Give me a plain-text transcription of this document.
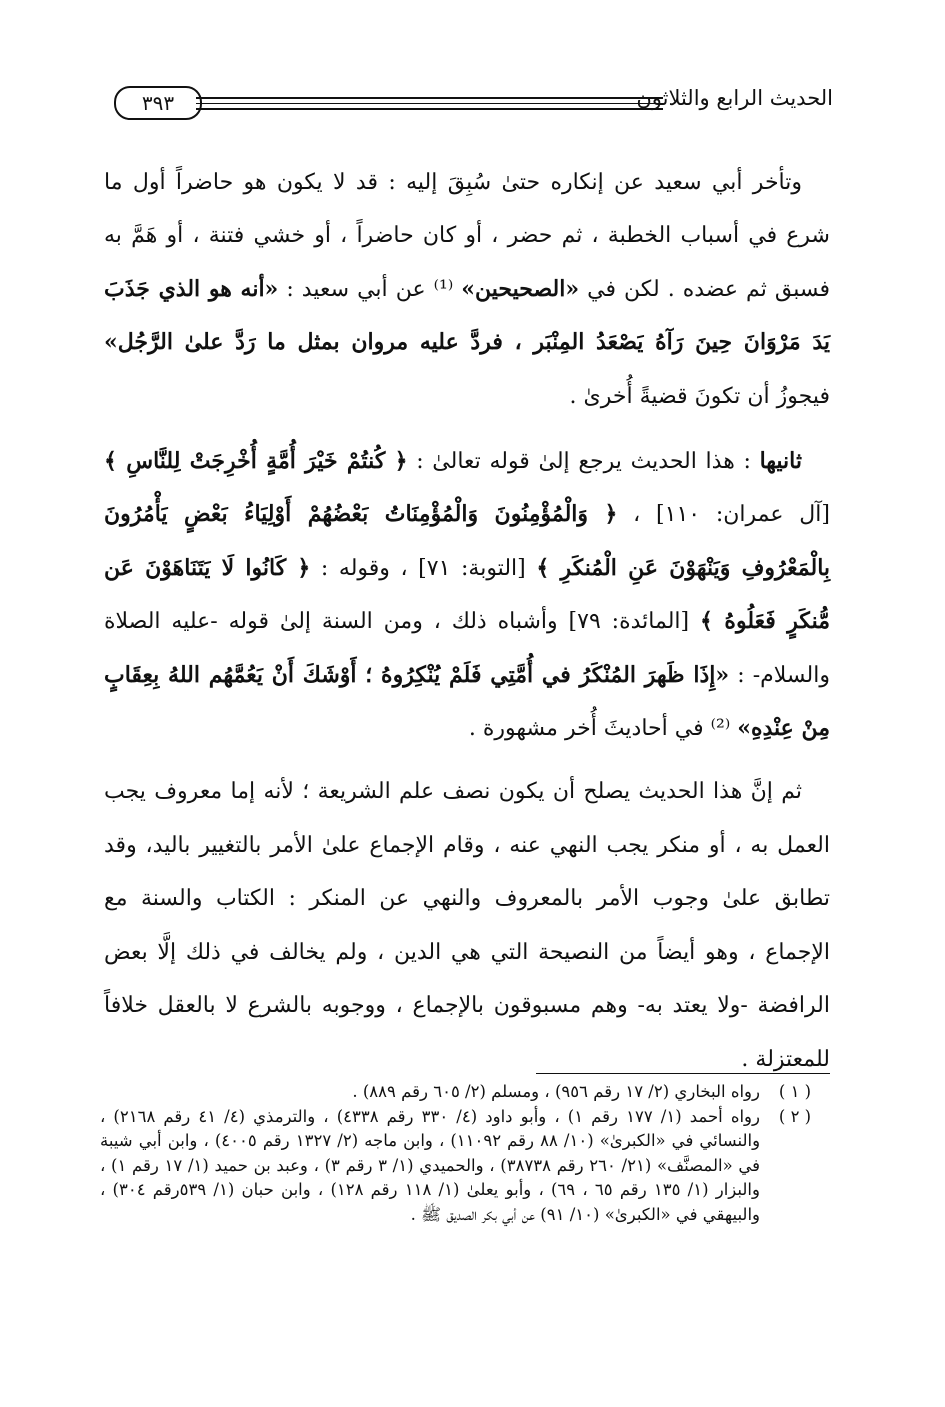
٣٩٣	الحديث الرابع والثلاثون

وتأخر أبي سعيد عن إنكاره حتىٰ سُبِقَ إليه : قد لا يكون هو حاضراً أول ما شرع في أسباب الخطبة ، ثم حضر ، أو كان حاضراً ، أو خشي فتنة ، أو هَمَّ به فسبق ثم عضده . لكن في «الصحيحين» ⁽¹⁾ عن أبي سعيد : «أنه هو الذي جَذَبَ يَدَ مَرْوَانَ حِينَ رَآهُ يَصْعَدُ المِنْبَر ، فردَّ عليه مروان بمثل ما رَدَّ علىٰ الرَّجُل» فيجوزُ أن تكونَ قضيةً أُخرىٰ .

ثانيها : هذا الحديث يرجع إلىٰ قوله تعالىٰ : ﴿ كُنتُمْ خَيْرَ أُمَّةٍ أُخْرِجَتْ لِلنَّاسِ ﴾ [آل عمران: ١١٠] ، ﴿ وَالْمُؤْمِنُونَ وَالْمُؤْمِنَاتُ بَعْضُهُمْ أَوْلِيَاءُ بَعْضٍ يَأْمُرُونَ بِالْمَعْرُوفِ وَيَنْهَوْنَ عَنِ الْمُنكَرِ ﴾ [التوبة: ٧١] ، وقوله : ﴿ كَانُوا لَا يَتَنَاهَوْنَ عَن مُّنكَرٍ فَعَلُوهُ ﴾ [المائدة: ٧٩] وأشباه ذلك ، ومن السنة إلىٰ قوله -عليه الصلاة والسلام- : «إِذَا ظَهرَ المُنْكَرُ في أُمَّتِي فَلَمْ يُنْكِرُوهُ ؛ أَوْشَكَ أَنْ يَعُمَّهُم اللهُ بِعِقَابٍ مِنْ عِنْدِهِ» ⁽²⁾ في أحاديثَ أُخر مشهورة .

ثم إنَّ هذا الحديث يصلح أن يكون نصف علم الشريعة ؛ لأنه إما معروف يجب العمل به ، أو منكر يجب النهي عنه ، وقام الإجماع علىٰ الأمر بالتغيير باليد، وقد تطابق علىٰ وجوب الأمر بالمعروف والنهي عن المنكر : الكتاب والسنة مع الإجماع ، وهو أيضاً من النصيحة التي هي الدين ، ولم يخالف في ذلك إلَّا بعض الرافضة -ولا يعتد به- وهم مسبوقون بالإجماع ، ووجوبه بالشرع لا بالعقل خلافاً للمعتزلة .

( ١ )
رواه البخاري (٢/ ١٧ رقم ٩٥٦) ، ومسلم (٢/ ٦٠٥ رقم ٨٨٩) .
( ٢ )
رواه أحمد (١/ ١٧٧ رقم ١) ، وأبو داود (٤/ ٣٣٠ رقم ٤٣٣٨) ، والترمذي (٤/ ٤١ رقم ٢١٦٨) ، والنسائي في «الكبرىٰ» (١٠/ ٨٨ رقم ١١٠٩٢) ، وابن ماجه (٢/ ١٣٢٧ رقم ٤٠٠٥) ، وابن أبي شيبة في «المصنَّف» (٢١/ ٢٦٠ رقم ٣٨٧٣٨) ، والحميدي (١/ ٣ رقم ٣) ، وعبد بن حميد (١/ ١٧ رقم ١) ، والبزار (١/ ١٣٥ رقم ٦٥ ، ٦٩) ، وأبو يعلىٰ (١/ ١١٨ رقم ١٢٨) ، وابن حبان (١/ ٥٣٩رقم ٣٠٤) ، والبيهقي في «الكبرىٰ» (١٠/ ٩١) عن أبي بكر الصديق ﷺ .
